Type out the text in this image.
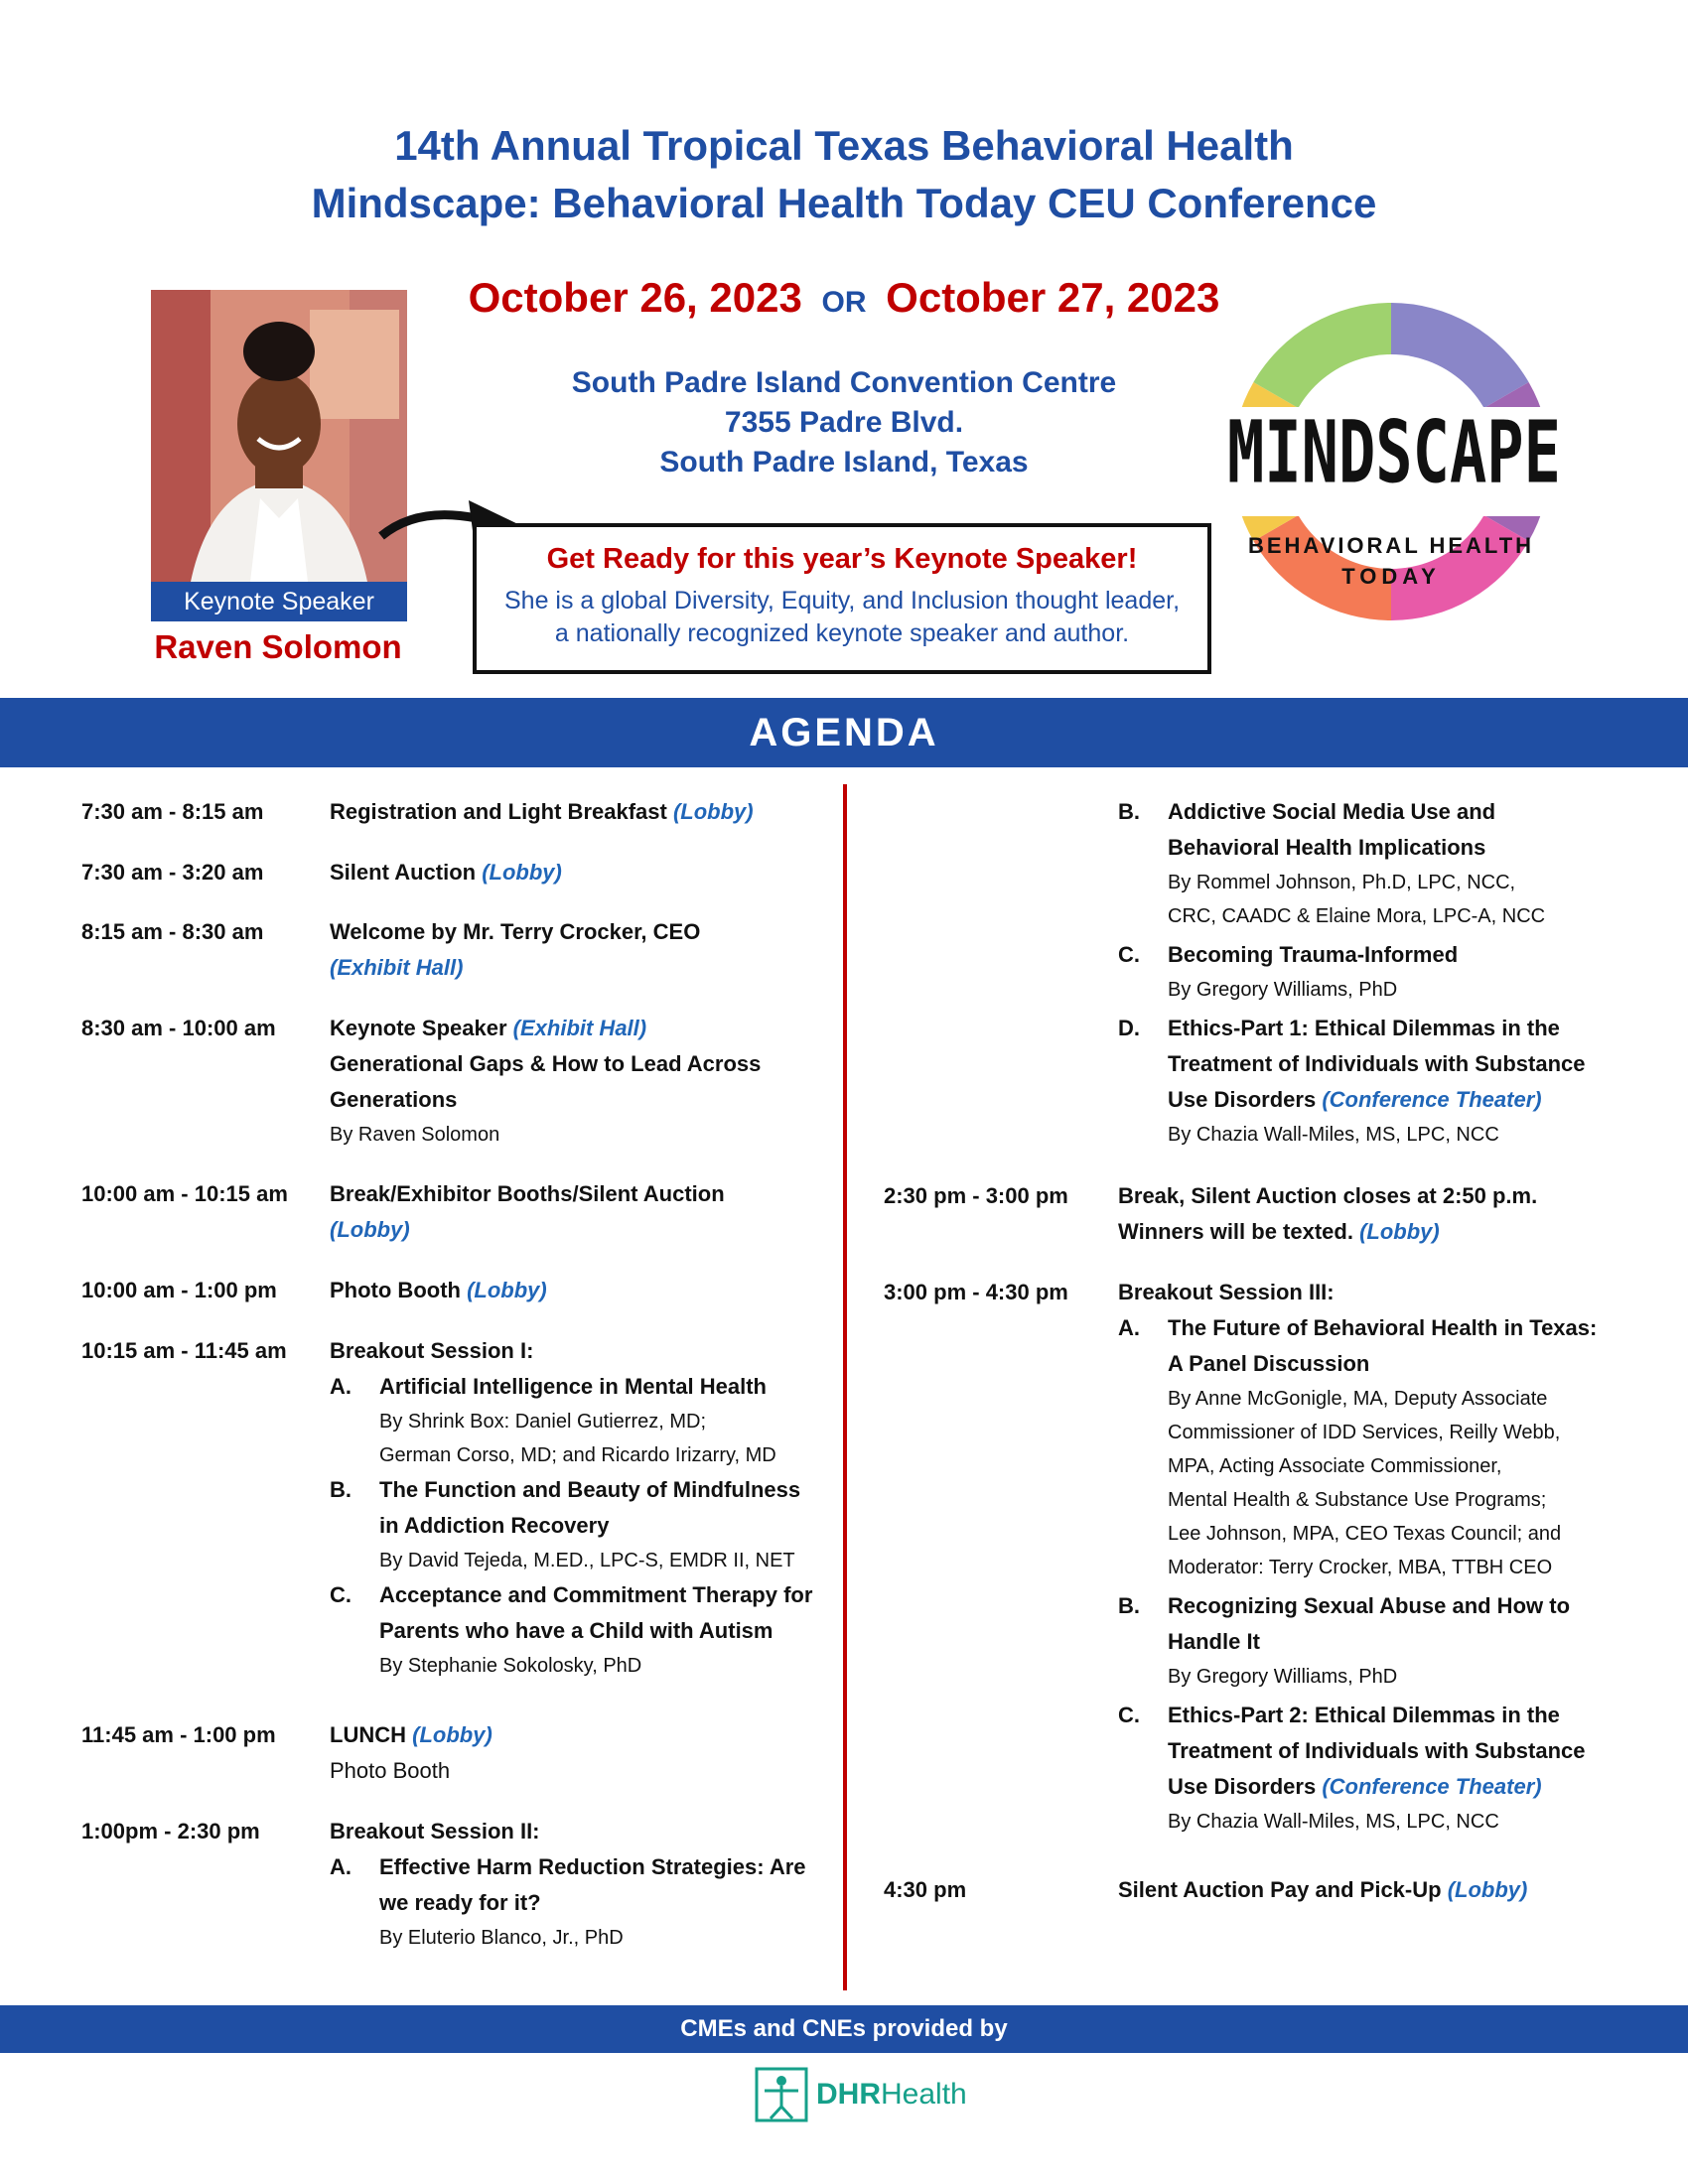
14th Annual Tropical Texas Behavioral Health
Mindscape: Behavioral Health Today CEU Conference
October 26, 2023 OR October 27, 2023
South Padre Island Convention Centre
7355 Padre Blvd.
South Padre Island, Texas
Keynote Speaker
Raven Solomon
Get Ready for this year’s Keynote Speaker!
She is a global Diversity, Equity, and Inclusion thought leader,
a nationally recognized keynote speaker and author.
MINDSCAPE
BEHAVIORAL HEALTH
TODAY
AGENDA
7:30 am - 8:15 am	Registration and Light Breakfast (Lobby)
7:30 am - 3:20 am	Silent Auction (Lobby)
8:15 am - 8:30 am	Welcome by Mr. Terry Crocker, CEO
(Exhibit Hall)
8:30 am - 10:00 am Keynote Speaker (Exhibit Hall)
Generational Gaps & How to Lead Across
Generations
By Raven Solomon
10:00 am - 10:15 am Break/Exhibitor Booths/Silent Auction
(Lobby)
10:00 am - 1:00 pm Photo Booth (Lobby)
10:15 am - 11:45 am Breakout Session I:
A. Artificial Intelligence in Mental Health
By Shrink Box: Daniel Gutierrez, MD;
German Corso, MD; and Ricardo Irizarry, MD
B. The Function and Beauty of Mindfulness
in Addiction Recovery
By David Tejeda, M.ED., LPC-S, EMDR II, NET
C. Acceptance and Commitment Therapy for
Parents who have a Child with Autism
By Stephanie Sokolosky, PhD
11:45 am - 1:00 pm LUNCH (Lobby)
Photo Booth
1:00pm - 2:30 pm	Breakout Session II:
A. Effective Harm Reduction Strategies: Are
we ready for it?
By Eluterio Blanco, Jr., PhD
B. Addictive Social Media Use and
Behavioral Health Implications
By Rommel Johnson, Ph.D, LPC, NCC,
CRC, CAADC & Elaine Mora, LPC-A, NCC
C. Becoming Trauma-Informed
By Gregory Williams, PhD
D. Ethics-Part 1: Ethical Dilemmas in the
Treatment of Individuals with Substance
Use Disorders (Conference Theater)
By Chazia Wall-Miles, MS, LPC, NCC
2:30 pm - 3:00 pm Break, Silent Auction closes at 2:50 p.m.
Winners will be texted. (Lobby)
3:00 pm - 4:30 pm Breakout Session III:
A. The Future of Behavioral Health in Texas:
A Panel Discussion
By Anne McGonigle, MA, Deputy Associate
Commissioner of IDD Services, Reilly Webb,
MPA, Acting Associate Commissioner,
Mental Health & Substance Use Programs;
Lee Johnson, MPA, CEO Texas Council; and
Moderator: Terry Crocker, MBA, TTBH CEO
B. Recognizing Sexual Abuse and How to
Handle It
By Gregory Williams, PhD
C. Ethics-Part 2: Ethical Dilemmas in the
Treatment of Individuals with Substance
Use Disorders (Conference Theater)
By Chazia Wall-Miles, MS, LPC, NCC
4:30 pm	Silent Auction Pay and Pick-Up (Lobby)
CMEs and CNEs provided by
DHRHealth
